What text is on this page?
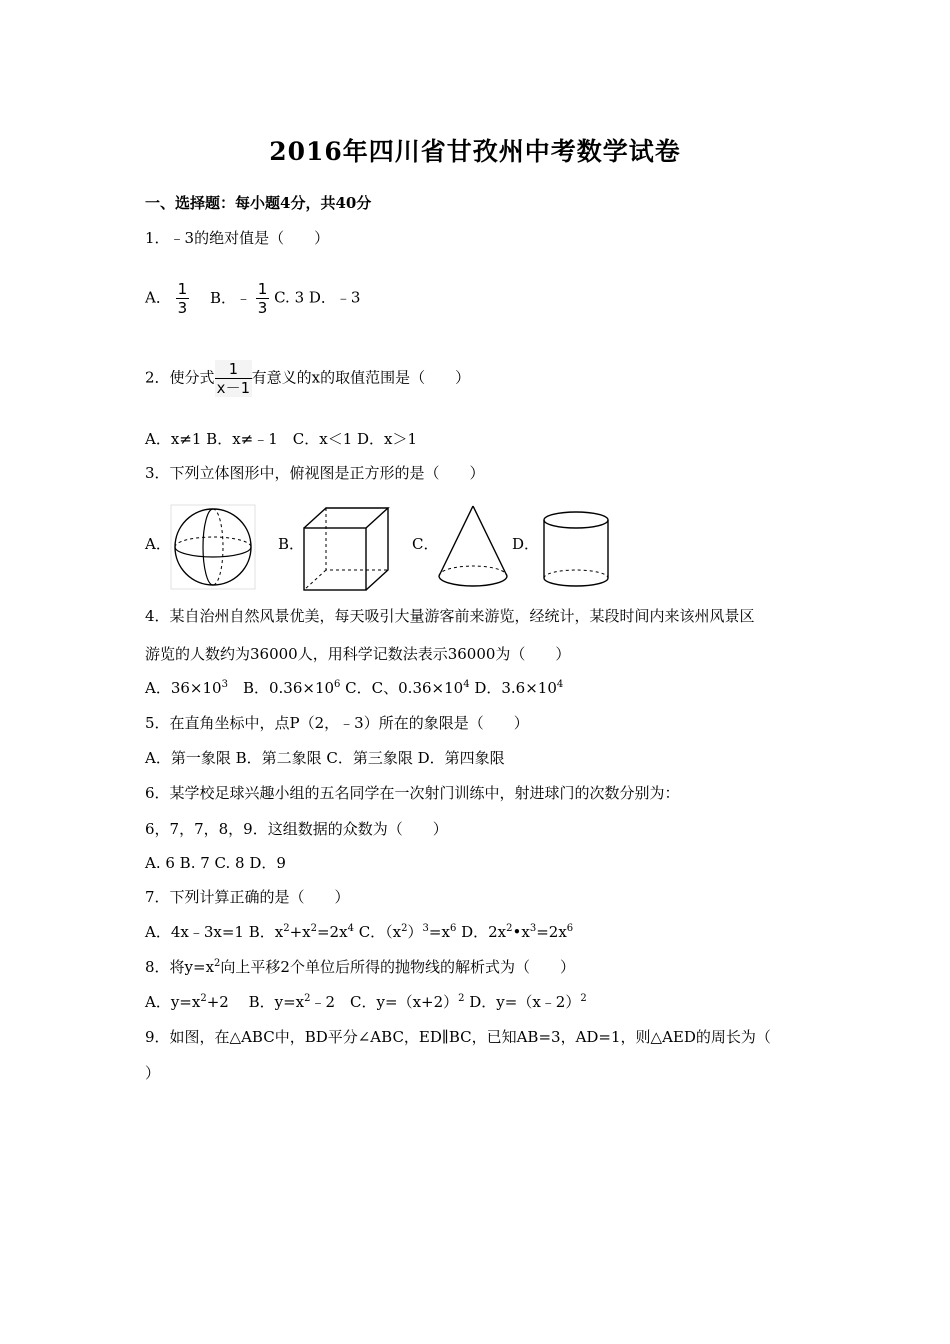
2016年四川省甘孜州中考数学试卷
一、选择题：每小题4分，共40分
1．﹣3的绝对值是（　　）
A． $\frac{1}{3}$ B．﹣ $\frac{1}{3} C$. 3 D．﹣3
2．使分式 $\frac{1}{x-1}$ 有意义的x的取值范围是（　　）
A．x≠1 B．x≠﹣1　C．x＜1 D．x＞1
3．下列立体图形中，俯视图是正方形的是（　　）
A．	B．	C．	D．
4．某自治州自然风景优美，每天吸引大量游客前来游览，经统计，某段时间内来该州风景区
游览的人数约为36000人，用科学记数法表示36000为（　　）
A．$36\times 10^3$　B．$0.36\times 10^6$ C．C、$0.36\times 10^4$ D．$3.6\times 10^4$
5．在直角坐标中，点P（2，﹣3）所在的象限是（　　）
A．第一象限 B．第二象限 C．第三象限 D．第四象限
6．某学校足球兴趣小组的五名同学在一次射门训练中，射进球门的次数分别为：
6，7，7，8，9．这组数据的众数为（　　）
A. 6 B. 7 C. 8 D．9
7．下列计算正确的是（　　）
A．4x﹣3x=1 B．$x^2+x^2=2x^4$ C．$(x^2)^3=x^6$ D．$2x^2•x^3=2x^6$
8．将$y=x^2$向上平移2个单位后所得的抛物线的解析式为（　　）
A．$y=x^2+2$　 B．$y=x^2﹣2$　C．$y=(x+2)^2$ D．y=（x﹣2）$^2$
9．如图，在△ABC中，BD平分∠ABC，ED∥BC，已知AB=3，AD=1，则△AED的周长为（
）
